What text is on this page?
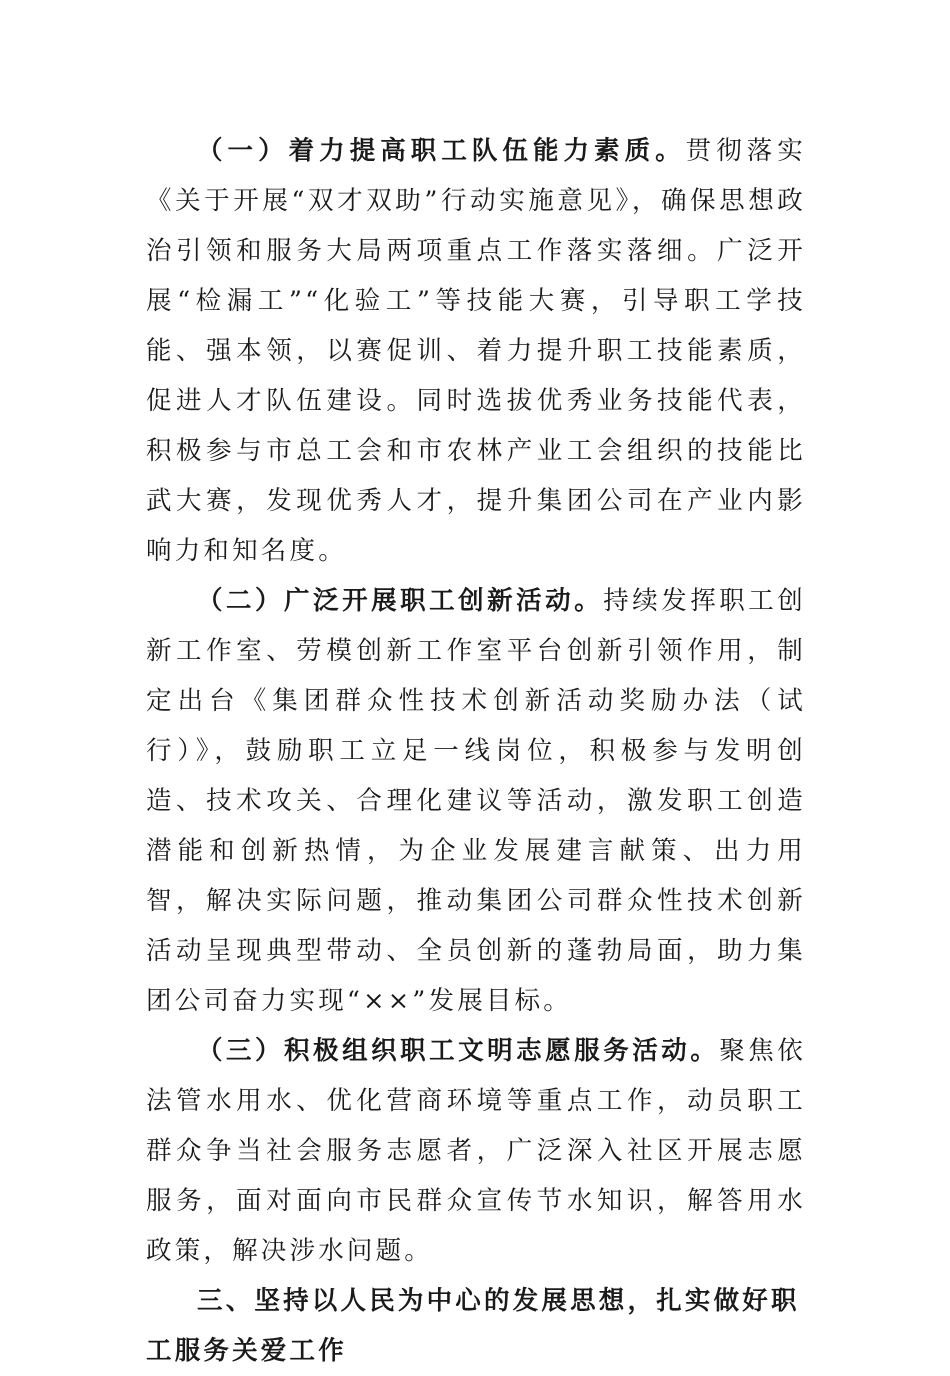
（一）着力提高职工队伍能力素质。贯彻落实《关于开展“双才双助”行动实施意见》，确保思想政治引领和服务大局两项重点工作落实落细。广泛开展“检漏工”“化验工”等技能大赛，引导职工学技能、强本领，以赛促训、着力提升职工技能素质，促进人才队伍建设。同时选拔优秀业务技能代表，积极参与市总工会和市农林产业工会组织的技能比武大赛，发现优秀人才，提升集团公司在产业内影响力和知名度。

（二）广泛开展职工创新活动。持续发挥职工创新工作室、劳模创新工作室平台创新引领作用，制定出台《集团群众性技术创新活动奖励办法（试行）》，鼓励职工立足一线岗位，积极参与发明创造、技术攻关、合理化建议等活动，激发职工创造潜能和创新热情，为企业发展建言献策、出力用智，解决实际问题，推动集团公司群众性技术创新活动呈现典型带动、全员创新的蓬勃局面，助力集团公司奋力实现“××”发展目标。

（三）积极组织职工文明志愿服务活动。聚焦依法管水用水、优化营商环境等重点工作，动员职工群众争当社会服务志愿者，广泛深入社区开展志愿服务，面对面向市民群众宣传节水知识，解答用水政策，解决涉水问题。

三、坚持以人民为中心的发展思想，扎实做好职工服务关爱工作
